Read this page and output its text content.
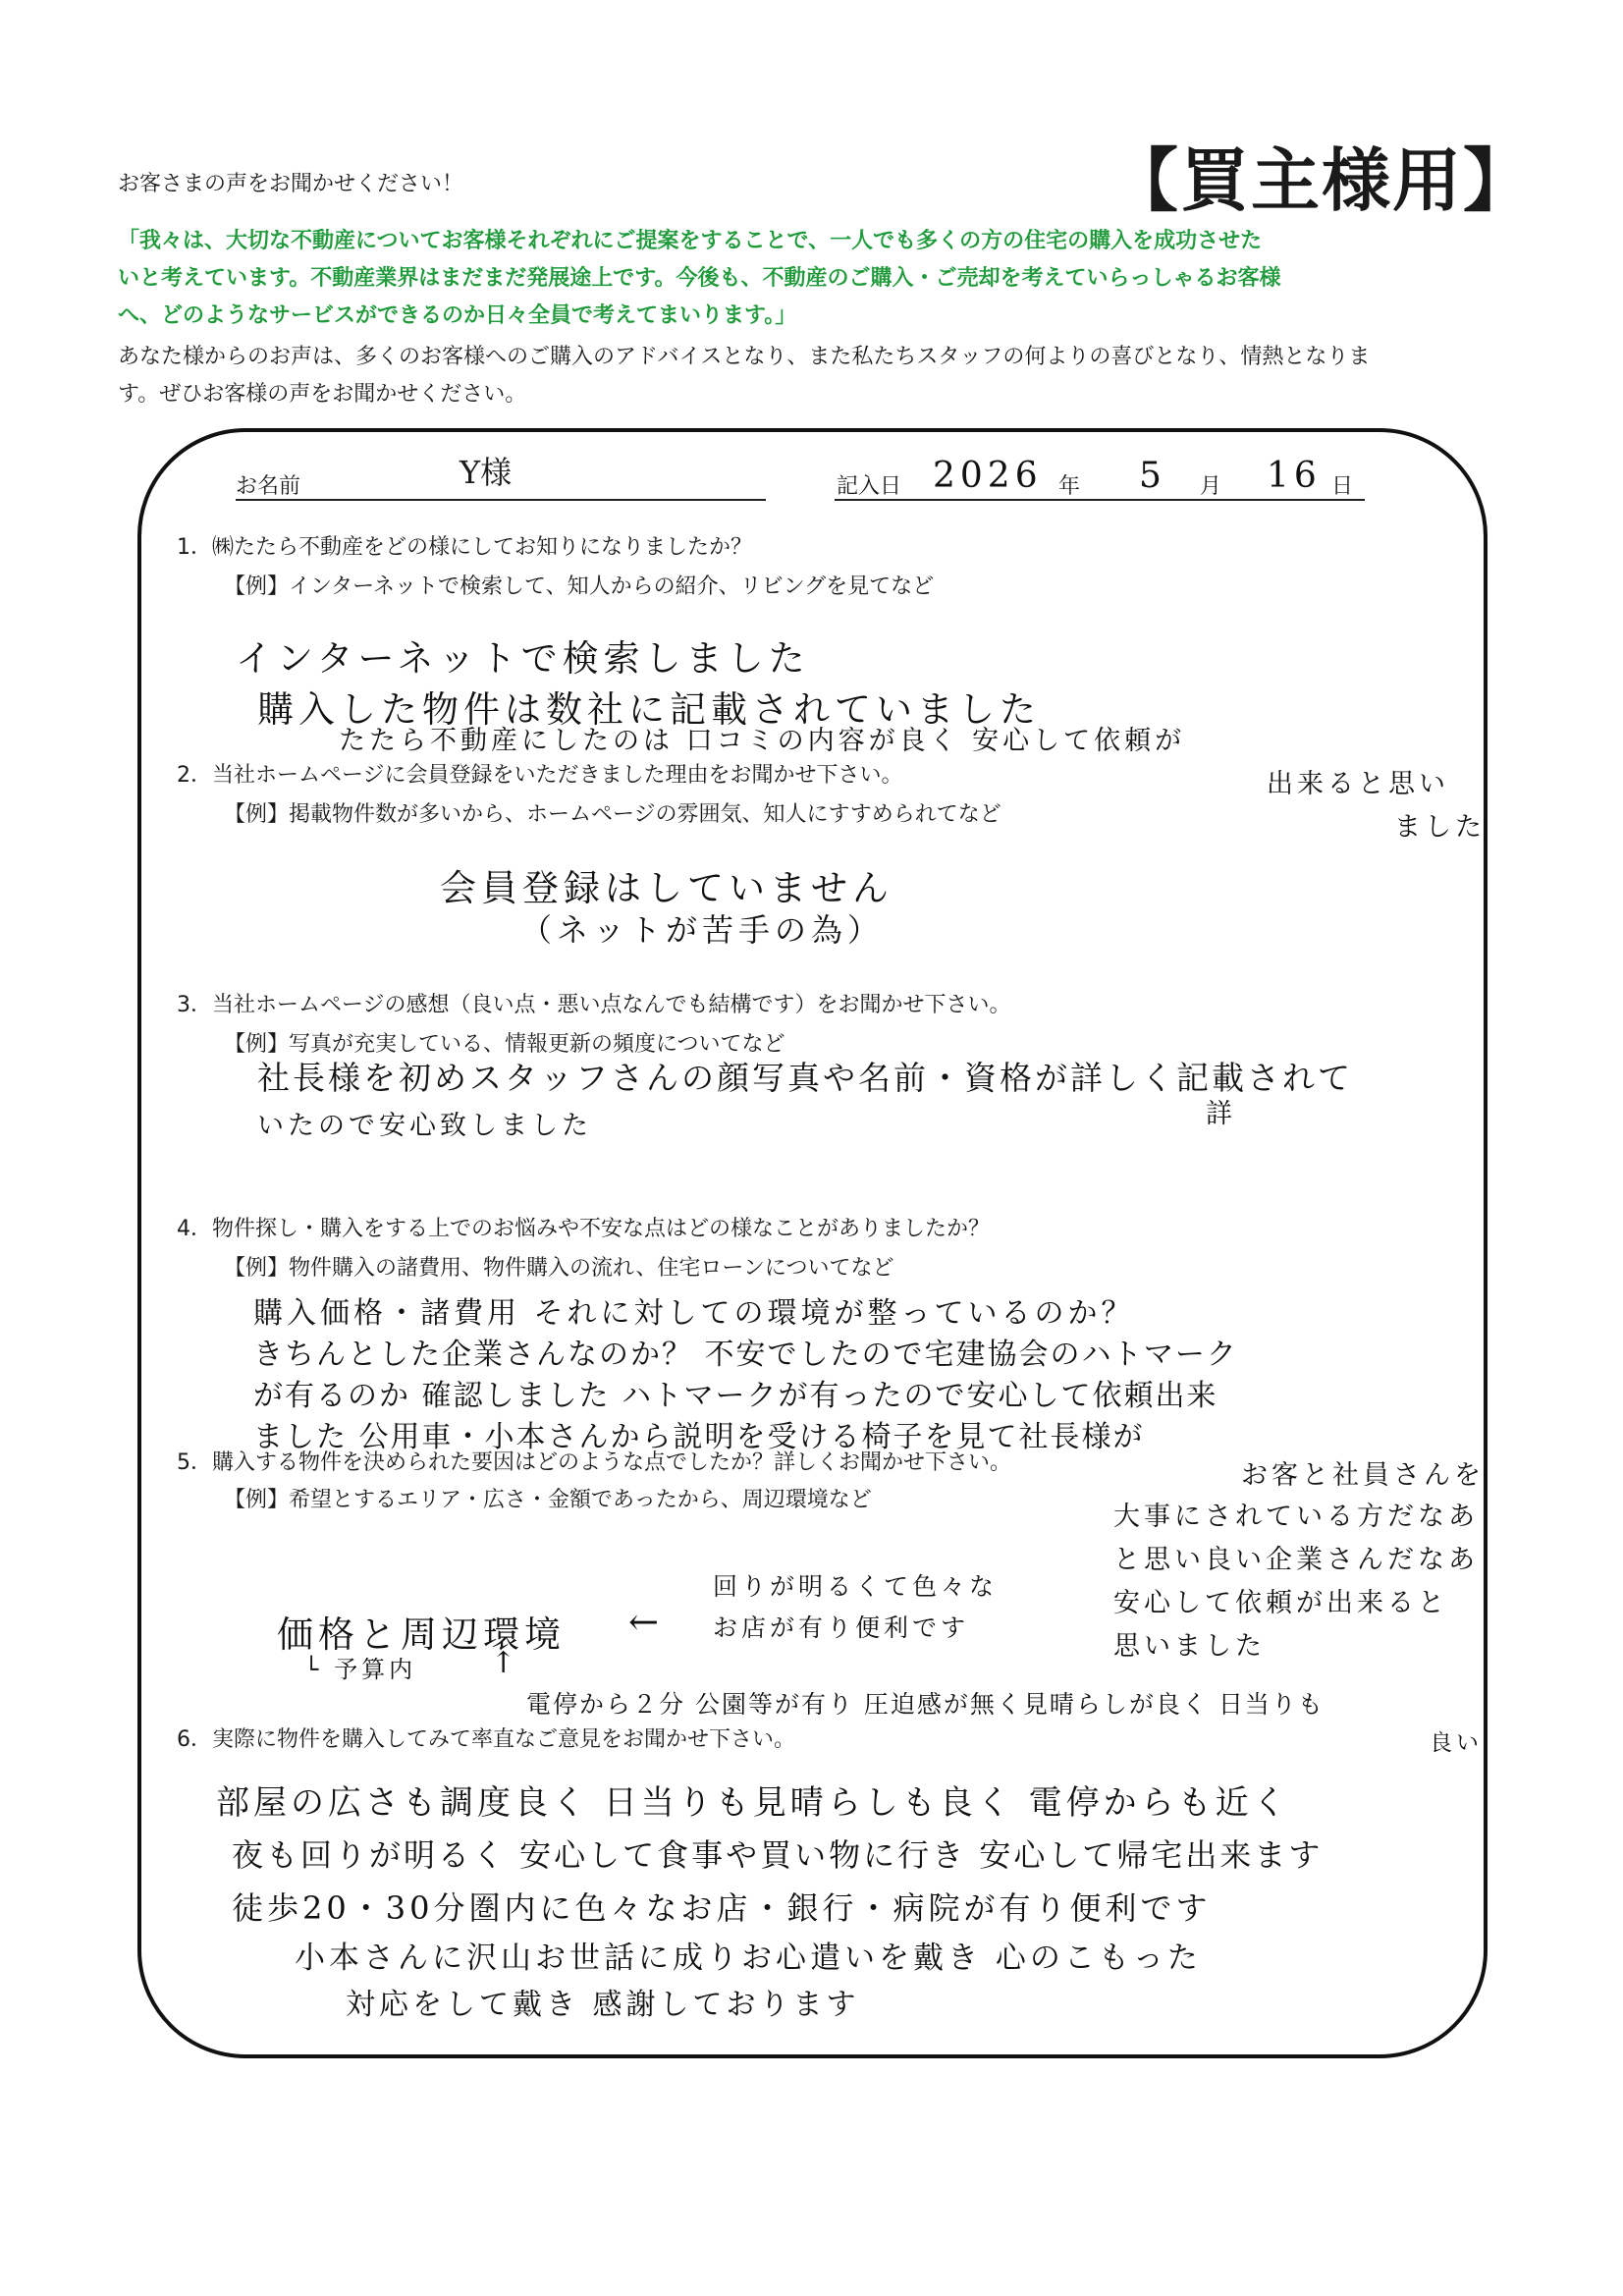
お客さまの声をお聞かせください！	【買主様用】
「我々は、大切な不動産についてお客様それぞれにご提案をすることで、一人でも多くの方の住宅の購入を成功させた
いと考えています。不動産業界はまだまだ発展途上です。今後も、不動産のご購入・ご売却を考えていらっしゃるお客様
へ、どのようなサービスができるのか日々全員で考えてまいります。」
あなた様からのお声は、多くのお客様へのご購入のアドバイスとなり、また私たちスタッフの何よりの喜びとなり、情熱となりま
す。ぜひお客様の声をお聞かせください。
お名前	Y様	記入日 2026 年 5 月 16 日
1．㈱たたら不動産をどの様にしてお知りになりましたか？
【例】インターネットで検索して、知人からの紹介、リビングを見てなど
インターネットで検索しました
購入した物件は数社に記載されていました
たたら不動産にしたのは 口コミの内容が良く 安心して依頼が
出来ると思い
ました
2．当社ホームページに会員登録をいただきました理由をお聞かせ下さい。
【例】掲載物件数が多いから、ホームページの雰囲気、知人にすすめられてなど
会員登録はしていません
（ネットが苦手の為）
3．当社ホームページの感想（良い点・悪い点なんでも結構です）をお聞かせ下さい。
【例】写真が充実している、情報更新の頻度についてなど
社長様を初めスタッフさんの顔写真や名前・資格が詳しく記載されて
詳
いたので安心致しました
4．物件探し・購入をする上でのお悩みや不安な点はどの様なことがありましたか？
【例】物件購入の諸費用、物件購入の流れ、住宅ローンについてなど
購入価格・諸費用 それに対しての環境が整っているのか？
きちんとした企業さんなのか？ 不安でしたので宅建協会のハトマーク
が有るのか 確認しました ハトマークが有ったので安心して依頼出来
ました 公用車・小本さんから説明を受ける椅子を見て社長様が
5．購入する物件を決められた要因はどのような点でしたか？詳しくお聞かせ下さい。
【例】希望とするエリア・広さ・金額であったから、周辺環境など
お客と社員さんを
大事にされている方だなあ
と思い良い企業さんだなあ
安心して依頼が出来ると
思いました
回りが明るくて色々な
価格と周辺環境 ← お店が有り便利です
└ 予算内	↑
電停から２分 公園等が有り 圧迫感が無く見晴らしが良く 日当りも
良い
6．実際に物件を購入してみて率直なご意見をお聞かせ下さい。
部屋の広さも調度良く 日当りも見晴らしも良く 電停からも近く
夜も回りが明るく 安心して食事や買い物に行き 安心して帰宅出来ます
徒歩20・30分圏内に色々なお店・銀行・病院が有り便利です
小本さんに沢山お世話に成りお心遣いを戴き 心のこもった
対応をして戴き 感謝しております
